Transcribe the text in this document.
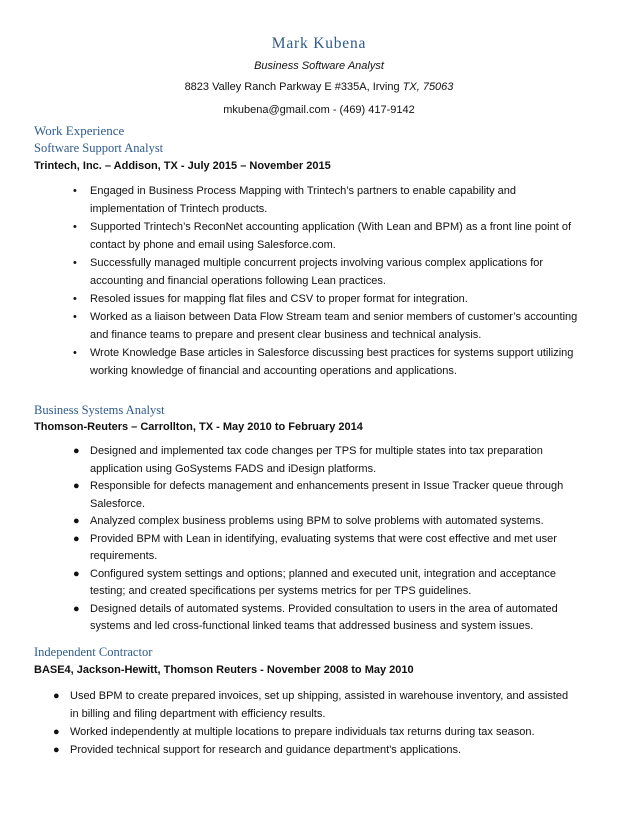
Mark Kubena
Business Software Analyst
8823 Valley Ranch Parkway E #335A, Irving TX, 75063
mkubena@gmail.com - (469) 417-9142
Work Experience
Software Support Analyst
Trintech, Inc. – Addison, TX - July 2015 – November 2015
• Engaged in Business Process Mapping with Trintech’s partners to enable capability and implementation of Trintech products.
• Supported Trintech’s ReconNet accounting application (With Lean and BPM) as a front line point of contact by phone and email using Salesforce.com.
• Successfully managed multiple concurrent projects involving various complex applications for accounting and financial operations following Lean practices.
• Resoled issues for mapping flat files and CSV to proper format for integration.
• Worked as a liaison between Data Flow Stream team and senior members of customer’s accounting and finance teams to prepare and present clear business and technical analysis.
• Wrote Knowledge Base articles in Salesforce discussing best practices for systems support utilizing working knowledge of financial and accounting operations and applications.
Business Systems Analyst
Thomson-Reuters – Carrollton, TX - May 2010 to February 2014
● Designed and implemented tax code changes per TPS for multiple states into tax preparation application using GoSystems FADS and iDesign platforms.
● Responsible for defects management and enhancements present in Issue Tracker queue through Salesforce.
● Analyzed complex business problems using BPM to solve problems with automated systems.
● Provided BPM with Lean in identifying, evaluating systems that were cost effective and met user requirements.
● Configured system settings and options; planned and executed unit, integration and acceptance testing; and created specifications per systems metrics for per TPS guidelines.
● Designed details of automated systems. Provided consultation to users in the area of automated systems and led cross-functional linked teams that addressed business and system issues.
Independent Contractor
BASE4, Jackson-Hewitt, Thomson Reuters - November 2008 to May 2010
● Used BPM to create prepared invoices, set up shipping, assisted in warehouse inventory, and assisted in billing and filing department with efficiency results.
● Worked independently at multiple locations to prepare individuals tax returns during tax season.
● Provided technical support for research and guidance department's applications.
